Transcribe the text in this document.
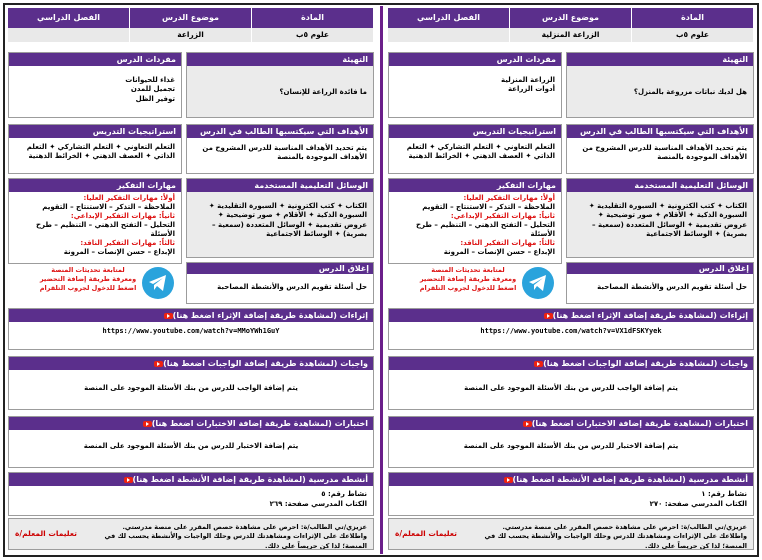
المادة
موضوع الدرس
الفصل الدراسي
علوم ٥ب
الزراعة
التهيئة
ما فائدة الزراعة للإنسان؟
مفردات الدرس
غذاء للحيوانات
تجميل للمدن
توفير الظل
الأهداف التي سيكتسبها الطالب في الدرس
يتم تحديد الأهداف المناسبة للدرس المشروح من الأهداف الموجودة بالمنصة
استراتيجيات التدريس
التعلم التعاوني ✦ التعلم التشاركي ✦ التعلم الذاتي ✦ العصف الذهني ✦ الخرائط الذهنية
الوسائل التعليمية المستخدمة
الكتاب ✦ كتب الكترونية ✦ السبورة التقليدية ✦ السبورة الذكية ✦ الأقلام ✦ صور توضيحية ✦ عروض تقديمية ✦ الوسائل المتعددة (سمعية – بصرية) ✦ الوسائط الاجتماعية
مهارات التفكير
أولاً: مهارات التفكير العليا:
الملاحظة – التذكر – الاستنتاج – التقويم
ثانياً: مهارات التفكير الإبداعي:
التحليل – التفتح الذهني – التنظيم – طرح الأسئلة
ثالثاً: مهارات التفكير الناقد:
الإبداع – حسن الإنصات – المرونة
إغلاق الدرس
حل أسئلة تقويم الدرس والأنشطة المصاحبة
لمتابعة تحديثات المنصة
ومعرفة طريقة إضافة التحضير
اضغط للدخول لجروب التلقرام
إثراءات (لمشاهدة طريقة إضافة الإثراء اضغط هنا)
https://www.youtube.com/watch?v=MMoYWh1GuY
واجبات (لمشاهدة طريقة إضافة الواجبات اضغط هنا)
يتم إضافة الواجب للدرس من بنك الأسئلة الموجود على المنصة
اختبارات (لمشاهدة طريقة إضافة الاختبارات اضغط هنا)
يتم إضافة الاختبار للدرس من بنك الأسئلة الموجود على المنصة
أنشطة مدرسية (لمشاهدة طريقة إضافة الأنشطة اضغط هنا)
نشاط رقم: ٥
الكتاب المدرسي صفحة: ٢٦٩
تعليمات المعلم/ة
عزيزي/تي الطالب/ة: احرص على مشاهدة حصص المقرر على منصة مدرستي.
واطلاعك على الإثراءات ومشاهدتك للدرس وحلك الواجبات والأنشطة يحسب لك في المنصة؛ لذا كن حريصاً على ذلك.
المادة
موضوع الدرس
الفصل الدراسي
علوم ٥ب
الزراعة المنزلية
التهيئة
هل لديك نباتات مزروعة بالمنزل؟
مفردات الدرس
الزراعة المنزلية
أدوات الزراعة
الأهداف التي سيكتسبها الطالب في الدرس
يتم تحديد الأهداف المناسبة للدرس المشروح من الأهداف الموجودة بالمنصة
استراتيجيات التدريس
التعلم التعاوني ✦ التعلم التشاركي ✦ التعلم الذاتي ✦ العصف الذهني ✦ الخرائط الذهنية
الوسائل التعليمية المستخدمة
الكتاب ✦ كتب الكترونية ✦ السبورة التقليدية ✦ السبورة الذكية ✦ الأقلام ✦ صور توضيحية ✦ عروض تقديمية ✦ الوسائل المتعددة (سمعية – بصرية) ✦ الوسائط الاجتماعية
مهارات التفكير
أولاً: مهارات التفكير العليا:
الملاحظة – التذكر – الاستنتاج – التقويم
ثانياً: مهارات التفكير الإبداعي:
التحليل – التفتح الذهني – التنظيم – طرح الأسئلة
ثالثاً: مهارات التفكير الناقد:
الإبداع – حسن الإنصات – المرونة
إغلاق الدرس
حل أسئلة تقويم الدرس والأنشطة المصاحبة
لمتابعة تحديثات المنصة
ومعرفة طريقة إضافة التحضير
اضغط للدخول لجروب التلقرام
إثراءات (لمشاهدة طريقة إضافة الإثراء اضغط هنا)
https://www.youtube.com/watch?v=VX1dFSKYyek
واجبات (لمشاهدة طريقة إضافة الواجبات اضغط هنا)
يتم إضافة الواجب للدرس من بنك الأسئلة الموجود على المنصة
اختبارات (لمشاهدة طريقة إضافة الاختبارات اضغط هنا)
يتم إضافة الاختبار للدرس من بنك الأسئلة الموجود على المنصة
أنشطة مدرسية (لمشاهدة طريقة إضافة الأنشطة اضغط هنا)
نشاط رقم: ١
الكتاب المدرسي صفحة: ٢٧٠
تعليمات المعلم/ة
عزيزي/تي الطالب/ة: احرص على مشاهدة حصص المقرر على منصة مدرستي.
واطلاعك على الإثراءات ومشاهدتك للدرس وحلك الواجبات والأنشطة يحسب لك في المنصة؛ لذا كن حريصاً على ذلك.
